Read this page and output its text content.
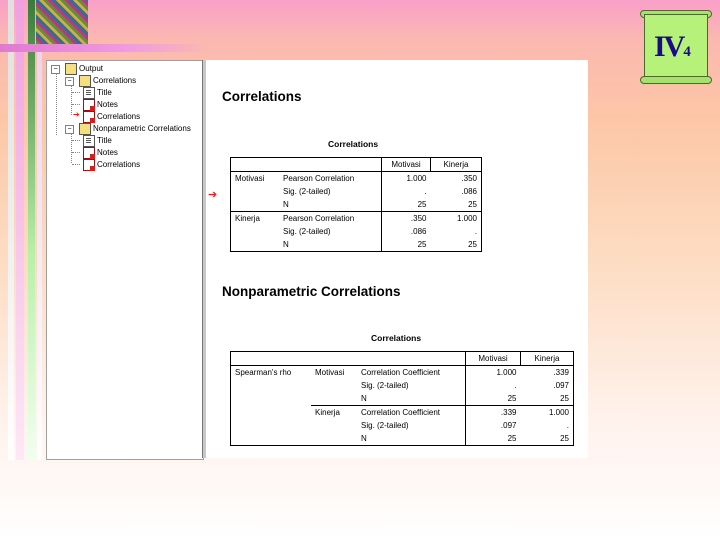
IV4
−	Output
−	Correlations
Title
Notes
➔ Correlations
−	Nonparametric Correlations
Title
Notes
Correlations
Correlations
Correlations
➔
		Motivasi	Kinerja
Motivasi	Pearson Correlation	1.000	.350
	Sig. (2-tailed)	.	.086
	N	25	25
Kinerja	Pearson Correlation	.350	1.000
	Sig. (2-tailed)	.086	.
	N	25	25
Nonparametric Correlations
Correlations
			Motivasi	Kinerja
Spearman's rho	Motivasi	Correlation Coefficient	1.000	.339
		Sig. (2-tailed)	.	.097
		N	25	25
	Kinerja	Correlation Coefficient	.339	1.000
		Sig. (2-tailed)	.097	.
		N	25	25
